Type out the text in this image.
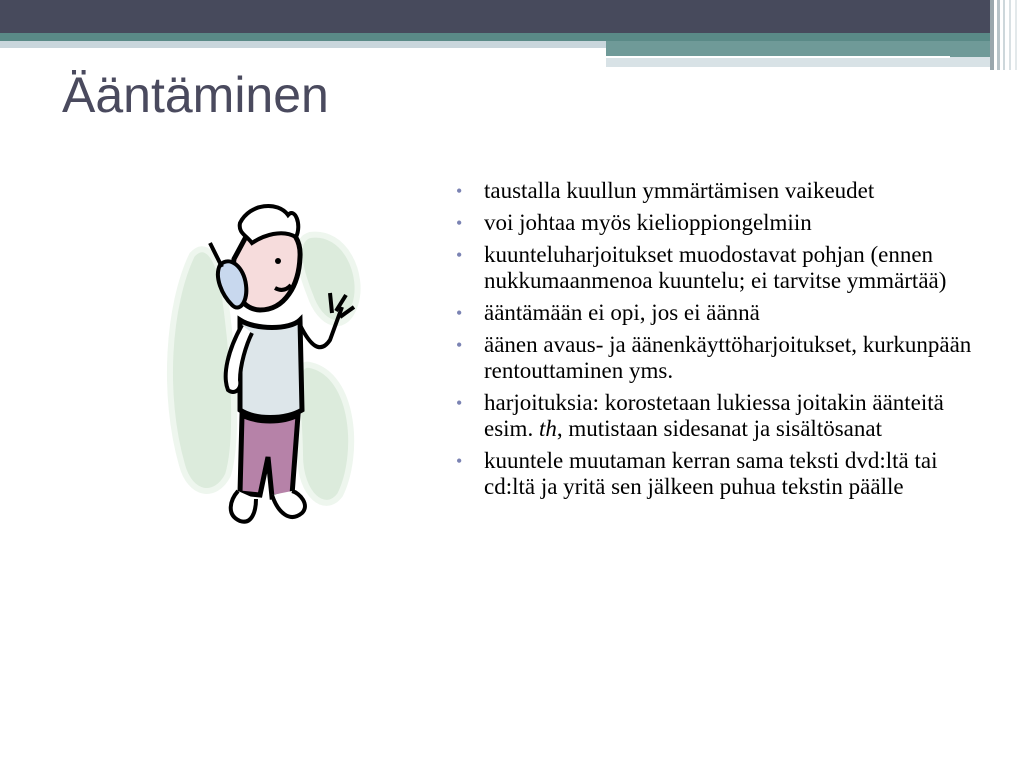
Ääntäminen
• taustalla kuullun ymmärtämisen vaikeudet
• voi johtaa myös kielioppiongelmiin
• kuunteluharjoitukset muodostavat pohjan (ennen nukkumaanmenoa kuuntelu; ei tarvitse ymmärtää)
• ääntämään ei opi, jos ei äännä
• äänen avaus- ja äänenkäyttöharjoitukset, kurkunpään rentouttaminen yms.
• harjoituksia: korostetaan lukiessa joitakin äänteitä esim. th, mutistaan sidesanat ja sisältösanat
• kuuntele muutaman kerran sama teksti dvd:ltä tai cd:ltä ja yritä sen jälkeen puhua tekstin päälle
